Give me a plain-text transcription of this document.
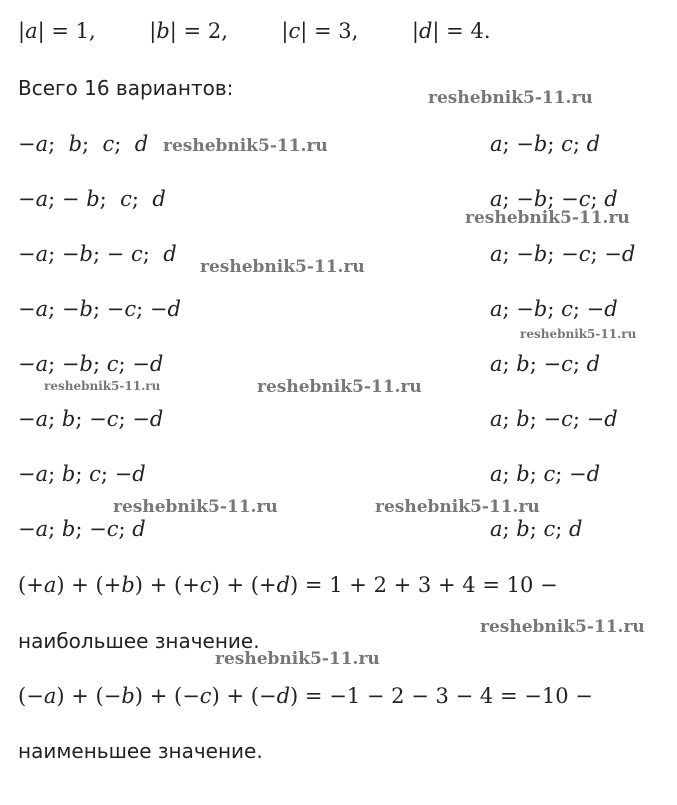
|a| = 1,	|b| = 2,	|c| = 3,	|d| = 4.
Всего 16 вариантов:
−a; b; c; d
−a; − b; c; d
−a; −b; − c; d
−a; −b; −c; −d
−a; −b; c; −d
−a; b; −c; −d
−a; b; c; −d
−a; b; −c; d
a; −b; c; d
a; −b; −c; d
a; −b; −c; −d
a; −b; c; −d
a; b; −c; d
a; b; −c; −d
a; b; c; −d
a; b; c; d
(+a) + (+b) + (+c) + (+d) = 1 + 2 + 3 + 4 = 10 −
наибольшее значение.
(−a) + (−b) + (−c) + (−d) = −1 − 2 − 3 − 4 = −10 −
наименьшее значение.
reshebnik5-11.ru
reshebnik5-11.ru
reshebnik5-11.ru
reshebnik5-11.ru
reshebnik5-11.ru
reshebnik5-11.ru	reshebnik5-11.ru
reshebnik5-11.ru	reshebnik5-11.ru
reshebnik5-11.ru
reshebnik5-11.ru
